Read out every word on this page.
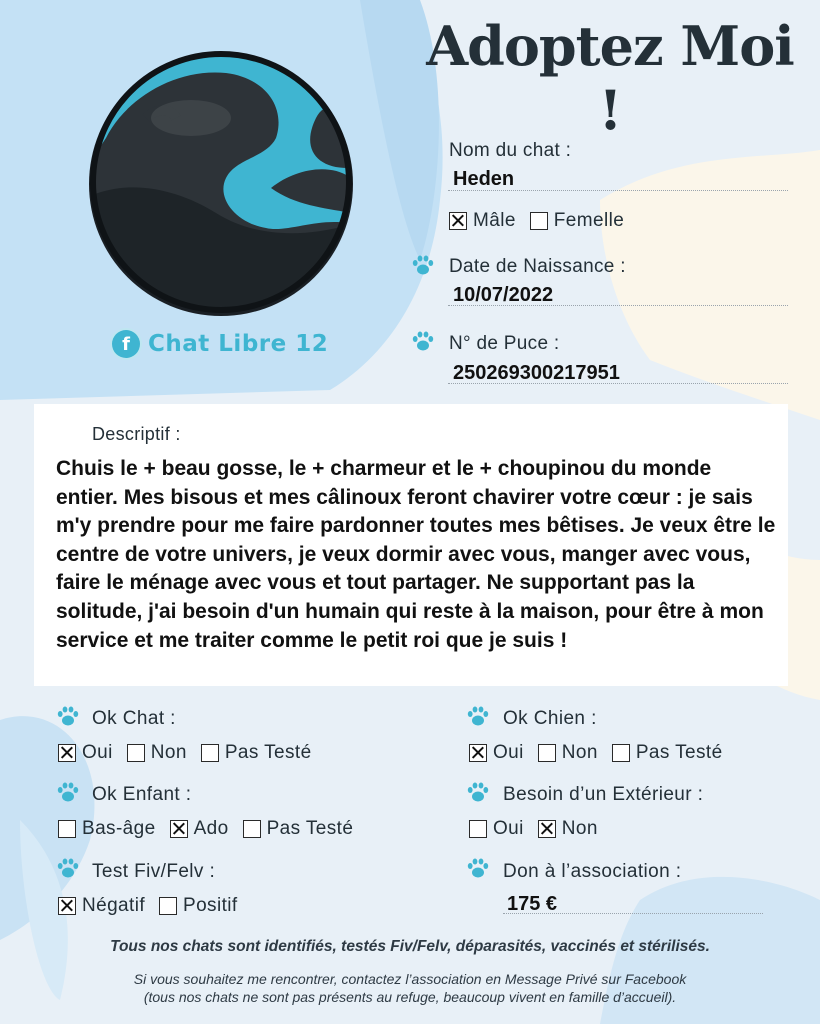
Adoptez Moi !
f Chat Libre 12
Nom du chat :
Heden
Mâle Femelle
Date de Naissance :
10/07/2022
N° de Puce :
250269300217951
Descriptif :

Chuis le + beau gosse, le + charmeur et le + choupinou du monde entier. Mes bisous et mes câlinoux feront chavirer votre cœur : je sais m'y prendre pour me faire pardonner toutes mes bêtises. Je veux être le centre de votre univers, je veux dormir avec vous, manger avec vous, faire le ménage avec vous et tout partager. Ne supportant pas la solitude, j'ai besoin d'un humain qui reste à la maison, pour être à mon service et me traiter comme le petit roi que je suis !

Ok Chat :
Oui Non Pas Testé
Ok Chien :
Oui Non Pas Testé
Ok Enfant :
Bas-âge Ado Pas Testé
Besoin d’un Extérieur :
Oui Non
Test Fiv/Felv :
Négatif Positif
Don à l’association :
175 €

Tous nos chats sont identifiés, testés Fiv/Felv, déparasités, vaccinés et stérilisés.

Si vous souhaitez me rencontrer, contactez l’association en Message Privé sur Facebook
(tous nos chats ne sont pas présents au refuge, beaucoup vivent en famille d’accueil).
